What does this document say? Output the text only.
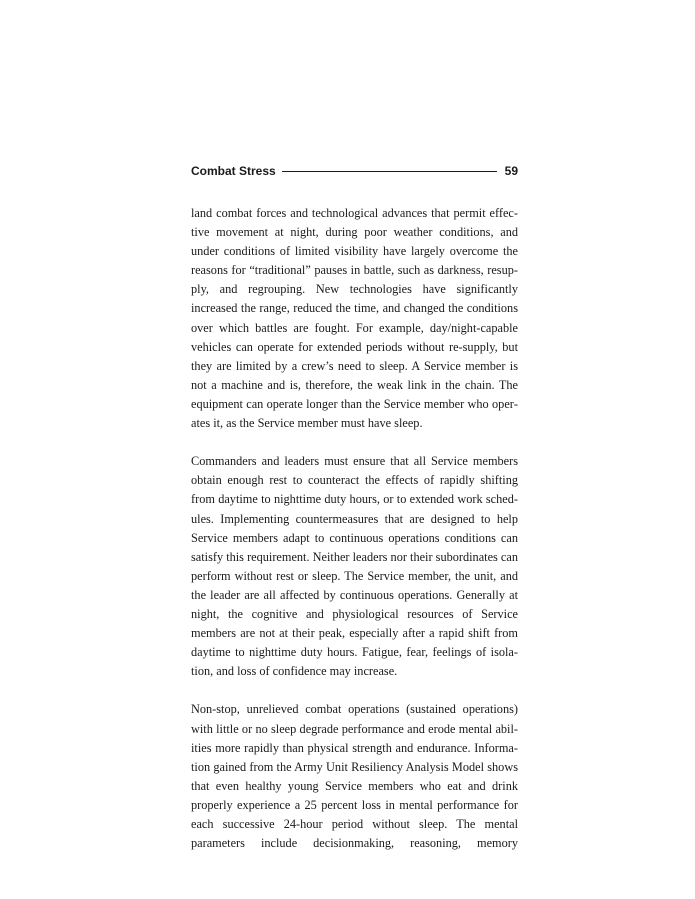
Combat Stress	59

land combat forces and technological advances that permit effective movement at night, during poor weather conditions, and under conditions of limited visibility have largely overcome the reasons for “traditional” pauses in battle, such as darkness, resupply, and regrouping. New technologies have significantly increased the range, reduced the time, and changed the conditions over which battles are fought. For example, day/night-capable vehicles can operate for extended periods without re-supply, but they are limited by a crew’s need to sleep. A Service member is not a machine and is, therefore, the weak link in the chain. The equipment can operate longer than the Service member who operates it, as the Service member must have sleep.

Commanders and leaders must ensure that all Service members obtain enough rest to counteract the effects of rapidly shifting from daytime to nighttime duty hours, or to extended work schedules. Implementing countermeasures that are designed to help Service members adapt to continuous operations conditions can satisfy this requirement. Neither leaders nor their subordinates can perform without rest or sleep. The Service member, the unit, and the leader are all affected by continuous operations. Generally at night, the cognitive and physiological resources of Service members are not at their peak, especially after a rapid shift from daytime to nighttime duty hours. Fatigue, fear, feelings of isolation, and loss of confidence may increase.

Non-stop, unrelieved combat operations (sustained operations) with little or no sleep degrade performance and erode mental abilities more rapidly than physical strength and endurance. Information gained from the Army Unit Resiliency Analysis Model shows that even healthy young Service members who eat and drink properly experience a 25 percent loss in mental performance for each successive 24-hour period without sleep. The mental parameters include decisionmaking, reasoning, memory
